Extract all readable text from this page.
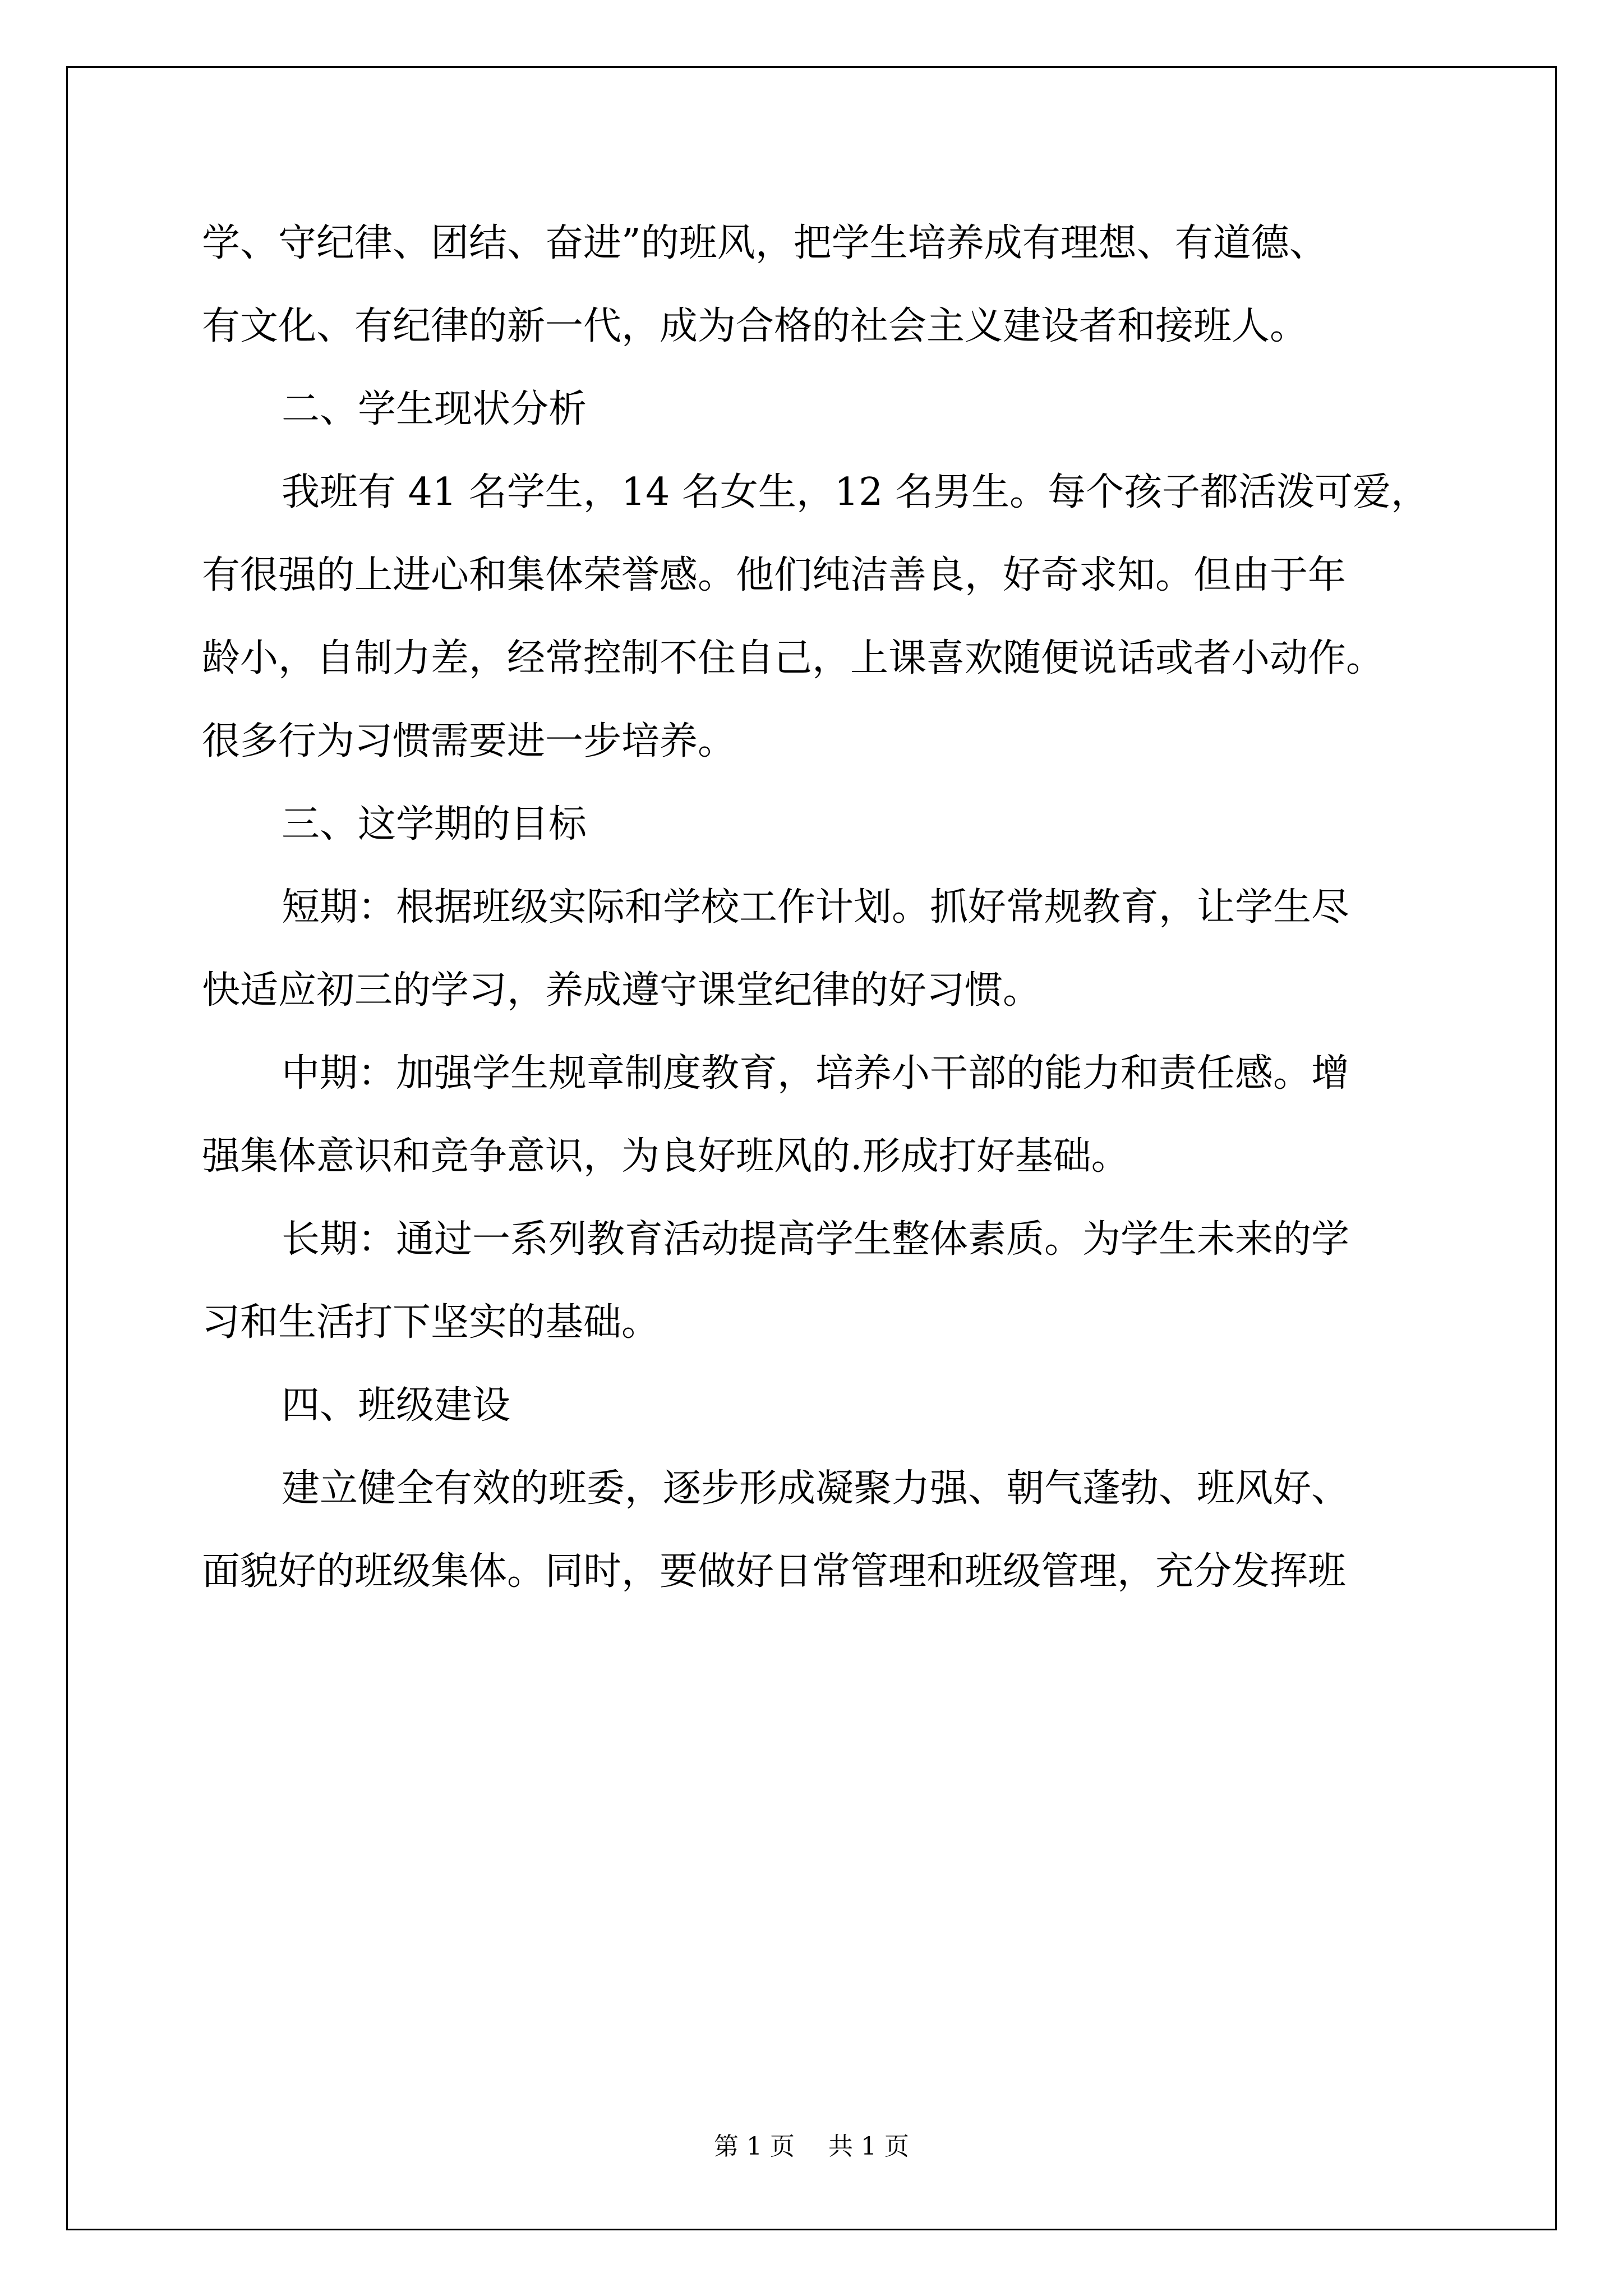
学、守纪律、团结、奋进”的班风，把学生培养成有理想、有道德、
有文化、有纪律的新一代，成为合格的社会主义建设者和接班人。
二、学生现状分析
我班有 41 名学生，14 名女生，12 名男生。每个孩子都活泼可爱，
有很强的上进心和集体荣誉感。他们纯洁善良，好奇求知。但由于年
龄小，自制力差，经常控制不住自己，上课喜欢随便说话或者小动作。
很多行为习惯需要进一步培养。
三、这学期的目标
短期：根据班级实际和学校工作计划。抓好常规教育，让学生尽
快适应初三的学习，养成遵守课堂纪律的好习惯。
中期：加强学生规章制度教育，培养小干部的能力和责任感。增
强集体意识和竞争意识，为良好班风的.形成打好基础。
长期：通过一系列教育活动提高学生整体素质。为学生未来的学
习和生活打下坚实的基础。
四、班级建设
建立健全有效的班委，逐步形成凝聚力强、朝气蓬勃、班风好、
面貌好的班级集体。同时，要做好日常管理和班级管理，充分发挥班
第 1 页 共 1 页
